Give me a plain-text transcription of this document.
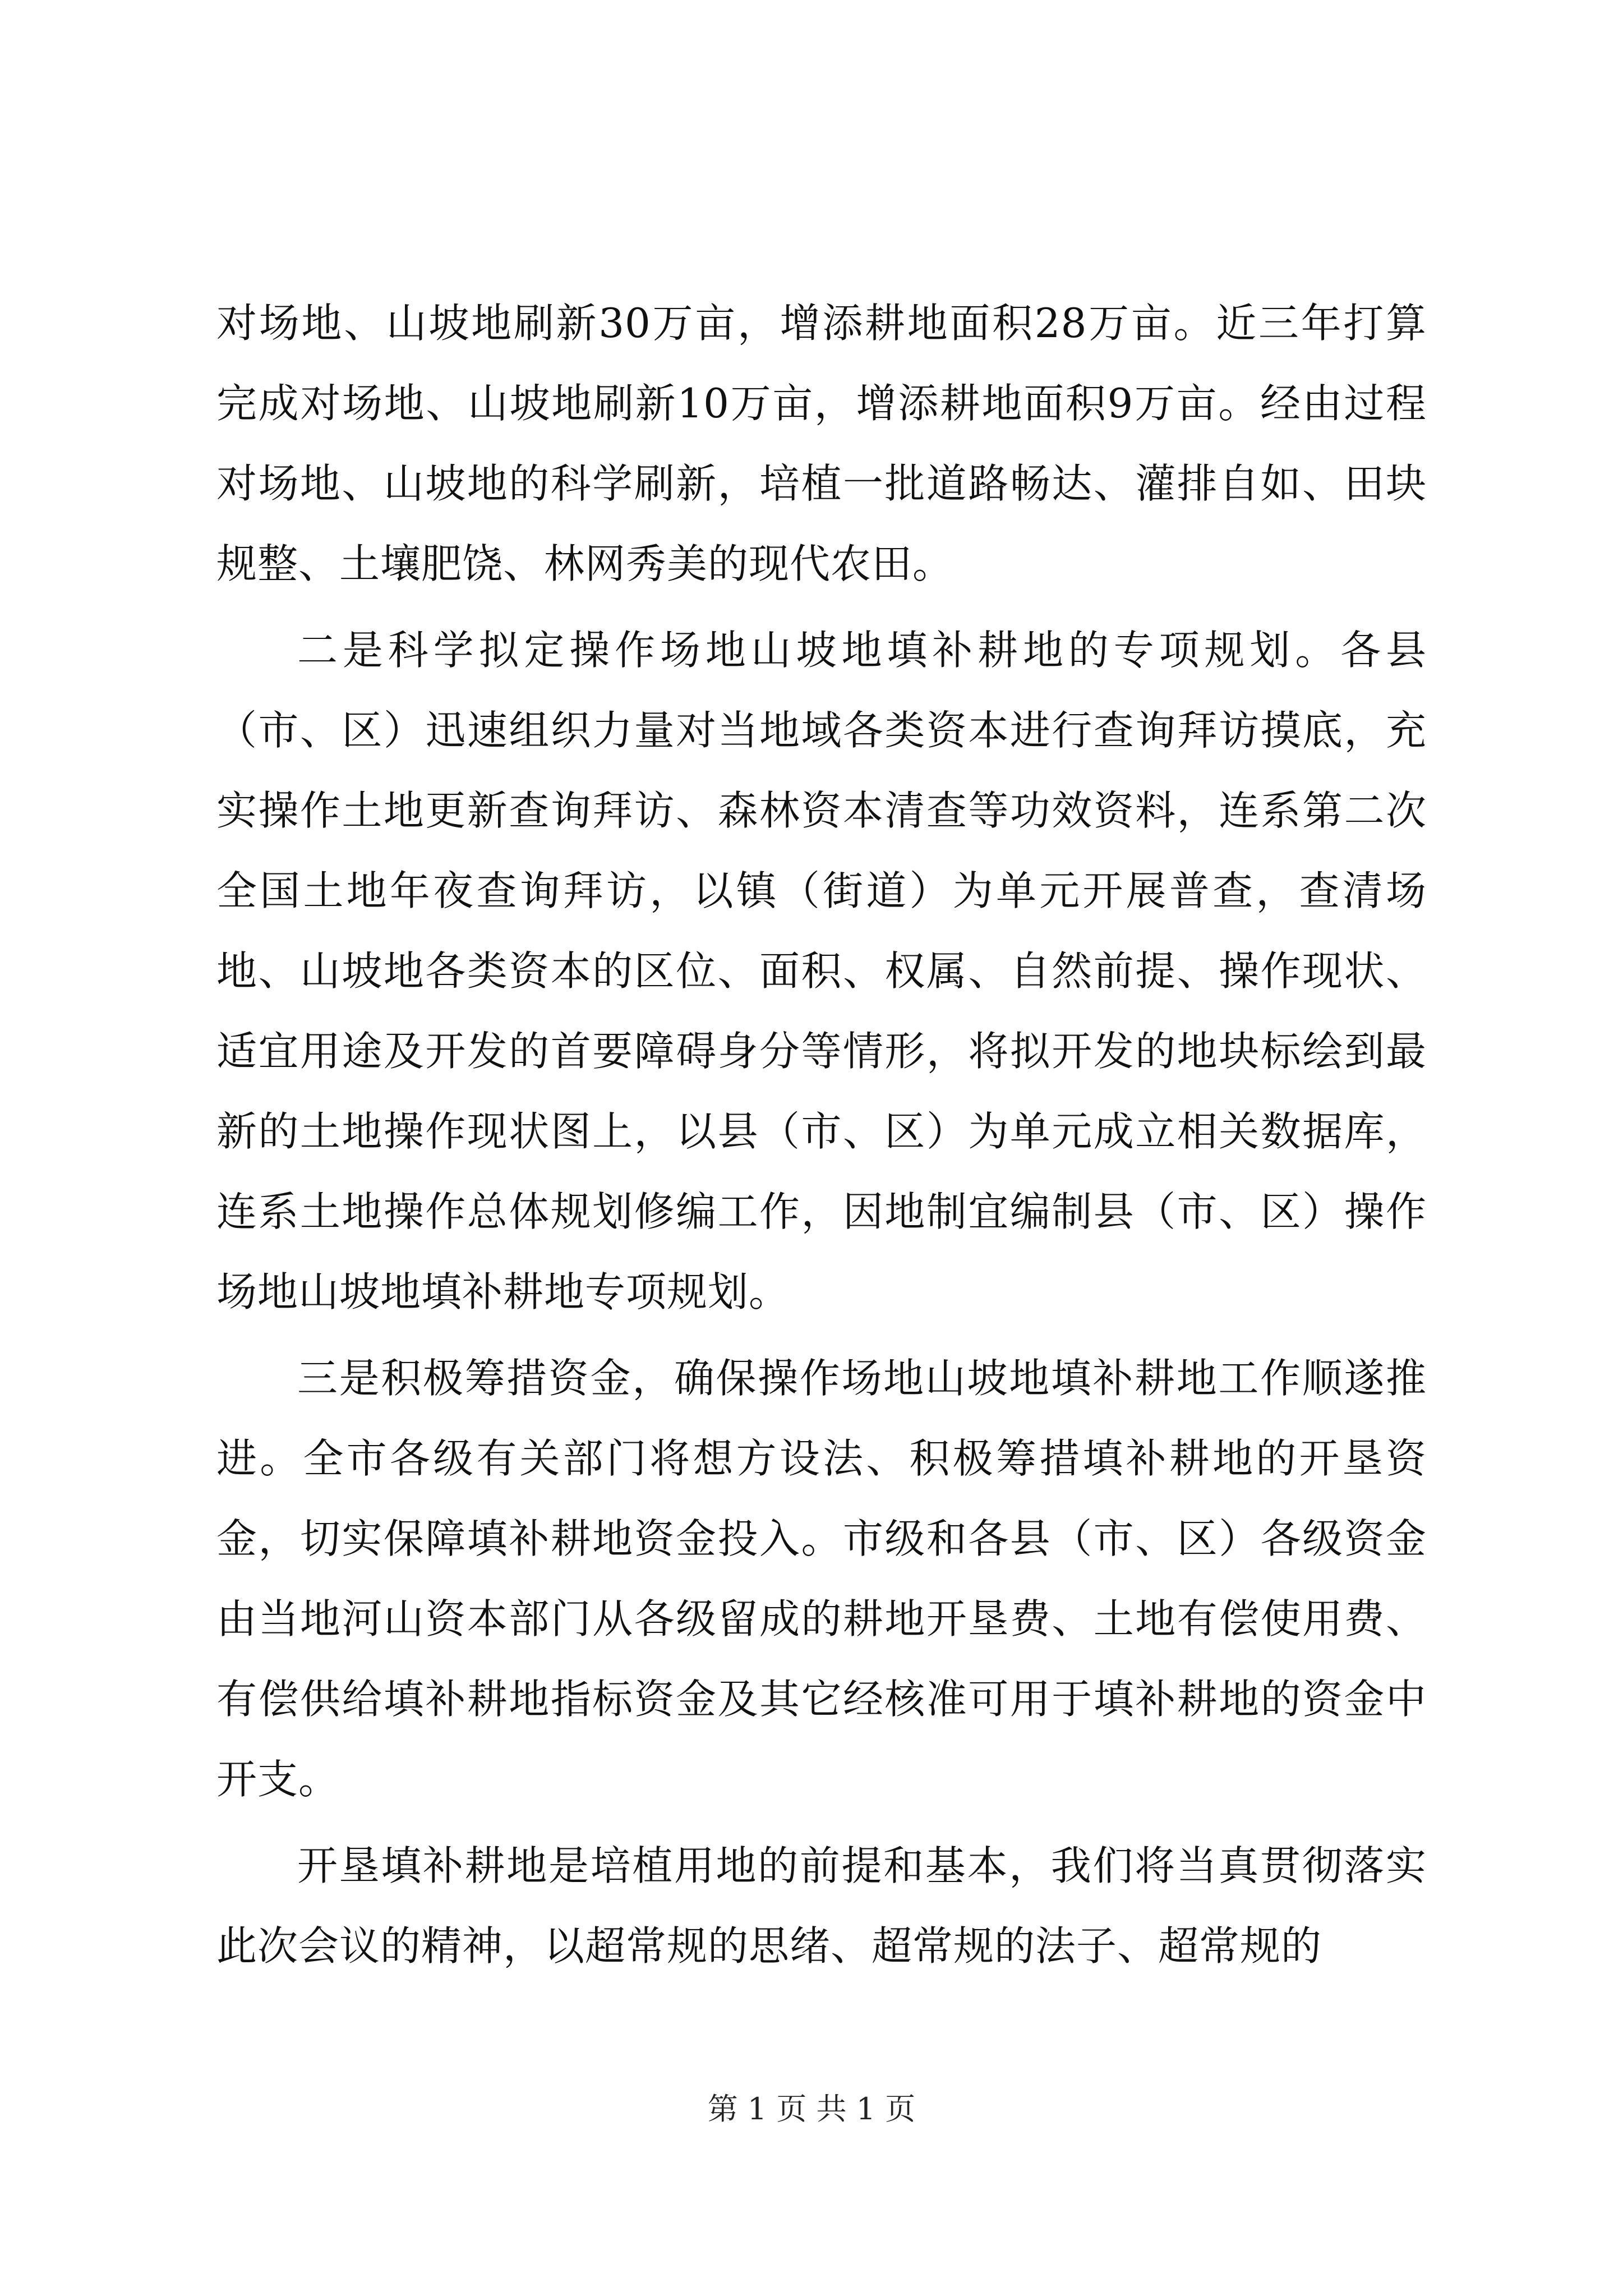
对场地、山坡地刷新30万亩，增添耕地面积28万亩。近三年打算完成对场地、山坡地刷新10万亩，增添耕地面积9万亩。经由过程对场地、山坡地的科学刷新，培植一批道路畅达、灌排自如、田块规整、土壤肥饶、林网秀美的现代农田。

二是科学拟定操作场地山坡地填补耕地的专项规划。各县（市、区）迅速组织力量对当地域各类资本进行查询拜访摸底，充实操作土地更新查询拜访、森林资本清查等功效资料，连系第二次全国土地年夜查询拜访，以镇（街道）为单元开展普查，查清场地、山坡地各类资本的区位、面积、权属、自然前提、操作现状、适宜用途及开发的首要障碍身分等情形，将拟开发的地块标绘到最新的土地操作现状图上，以县（市、区）为单元成立相关数据库，连系土地操作总体规划修编工作，因地制宜编制县（市、区）操作场地山坡地填补耕地专项规划。

三是积极筹措资金，确保操作场地山坡地填补耕地工作顺遂推进。全市各级有关部门将想方设法、积极筹措填补耕地的开垦资金，切实保障填补耕地资金投入。市级和各县（市、区）各级资金由当地河山资本部门从各级留成的耕地开垦费、土地有偿使用费、有偿供给填补耕地指标资金及其它经核准可用于填补耕地的资金中开支。

开垦填补耕地是培植用地的前提和基本，我们将当真贯彻落实此次会议的精神，以超常规的思绪、超常规的法子、超常规的

第 1 页 共 1 页
